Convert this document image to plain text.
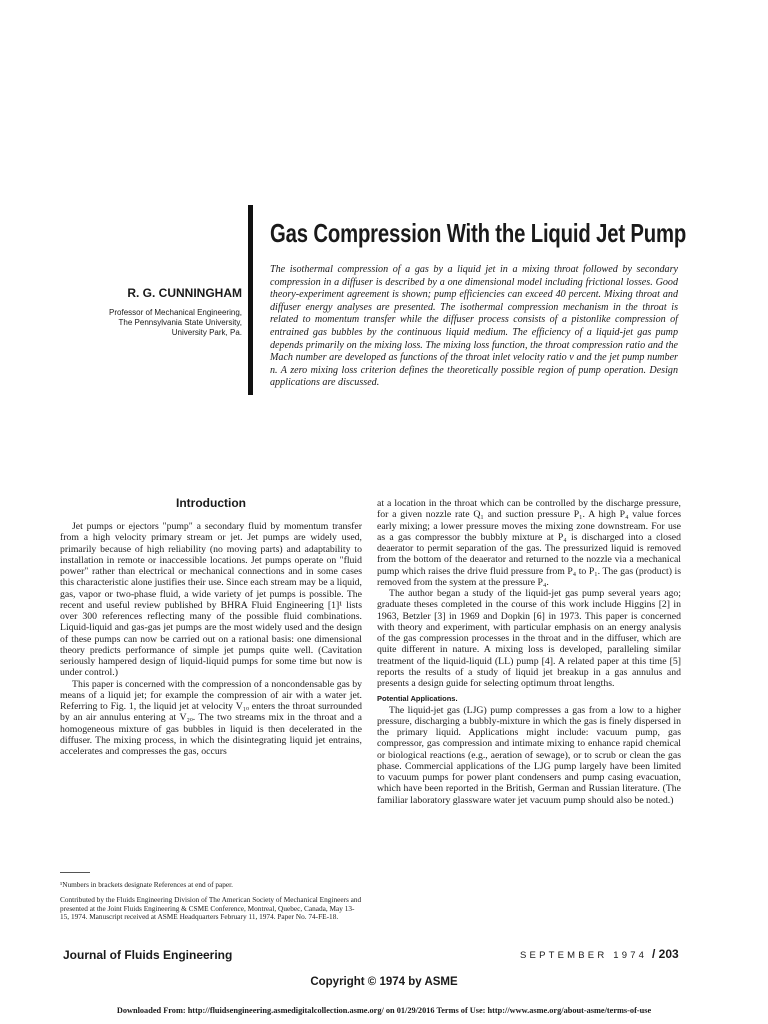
Gas Compression With the Liquid Jet Pump
R. G. CUNNINGHAM
Professor of Mechanical Engineering,
The Pennsylvania State University,
University Park, Pa.
The isothermal compression of a gas by a liquid jet in a mixing throat followed by secondary compression in a diffuser is described by a one dimensional model including frictional losses. Good theory-experiment agreement is shown; pump efficiencies can exceed 40 percent. Mixing throat and diffuser energy analyses are presented. The isothermal compression mechanism in the throat is related to momentum transfer while the diffuser process consists of a pistonlike compression of entrained gas bubbles by the continuous liquid medium. The efficiency of a liquid-jet gas pump depends primarily on the mixing loss. The mixing loss function, the throat compression ratio and the Mach number are developed as functions of the throat inlet velocity ratio ν and the jet pump number n. A zero mixing loss criterion defines the theoretically possible region of pump operation. Design applications are discussed.
Introduction

Jet pumps or ejectors "pump" a secondary fluid by momentum transfer from a high velocity primary stream or jet. Jet pumps are widely used, primarily because of high reliability (no moving parts) and adaptability to installation in remote or inaccessible locations. Jet pumps operate on "fluid power" rather than electrical or mechanical connections and in some cases this characteristic alone justifies their use. Since each stream may be a liquid, gas, vapor or two-phase fluid, a wide variety of jet pumps is possible. The recent and useful review published by BHRA Fluid Engineering [1]¹ lists over 300 references reflecting many of the possible fluid combinations. Liquid-liquid and gas-gas jet pumps are the most widely used and the design of these pumps can now be carried out on a rational basis: one dimensional theory predicts performance of simple jet pumps quite well. (Cavitation seriously hampered design of liquid-liquid pumps for some time but now is under control.)

This paper is concerned with the compression of a noncondensable gas by means of a liquid jet; for example the compression of air with a water jet. Referring to Fig. 1, the liquid jet at velocity V₁ₒ enters the throat surrounded by an air annulus entering at V₂ₒ. The two streams mix in the throat and a homogeneous mixture of gas bubbles in liquid is then decelerated in the diffuser. The mixing process, in which the disintegrating liquid jet entrains, accelerates and compresses the gas, occurs

at a location in the throat which can be controlled by the discharge pressure, for a given nozzle rate Q₁ and suction pressure P₁. A high P₄ value forces early mixing; a lower pressure moves the mixing zone downstream. For use as a gas compressor the bubbly mixture at P₄ is discharged into a closed deaerator to permit separation of the gas. The pressurized liquid is removed from the bottom of the deaerator and returned to the nozzle via a mechanical pump which raises the drive fluid pressure from P₄ to P₁. The gas (product) is removed from the system at the pressure P₄.

The author began a study of the liquid-jet gas pump several years ago; graduate theses completed in the course of this work include Higgins [2] in 1963, Betzler [3] in 1969 and Dopkin [6] in 1973. This paper is concerned with theory and experiment, with particular emphasis on an energy analysis of the gas compression processes in the throat and in the diffuser, which are quite different in nature. A mixing loss is developed, paralleling similar treatment of the liquid-liquid (LL) pump [4]. A related paper at this time [5] reports the results of a study of liquid jet breakup in a gas annulus and presents a design guide for selecting optimum throat lengths.

Potential Applications.

The liquid-jet gas (LJG) pump compresses a gas from a low to a higher pressure, discharging a bubbly-mixture in which the gas is finely dispersed in the primary liquid. Applications might include: vacuum pump, gas compressor, gas compression and intimate mixing to enhance rapid chemical or biological reactions (e.g., aeration of sewage), or to scrub or clean the gas phase. Commercial applications of the LJG pump largely have been limited to vacuum pumps for power plant condensers and pump casing evacuation, which have been reported in the British, German and Russian literature. (The familiar laboratory glassware water jet vacuum pump should also be noted.)

¹Numbers in brackets designate References at end of paper.

Contributed by the Fluids Engineering Division of The American Society of Mechanical Engineers and presented at the Joint Fluids Engineering & CSME Conference, Montreal, Quebec, Canada, May 13-15, 1974. Manuscript received at ASME Headquarters February 11, 1974. Paper No. 74-FE-18.

Journal of Fluids Engineering	SEPTEMBER 1974 / 203
Copyright © 1974 by ASME
Downloaded From: http://fluidsengineering.asmedigitalcollection.asme.org/ on 01/29/2016 Terms of Use: http://www.asme.org/about-asme/terms-of-use
